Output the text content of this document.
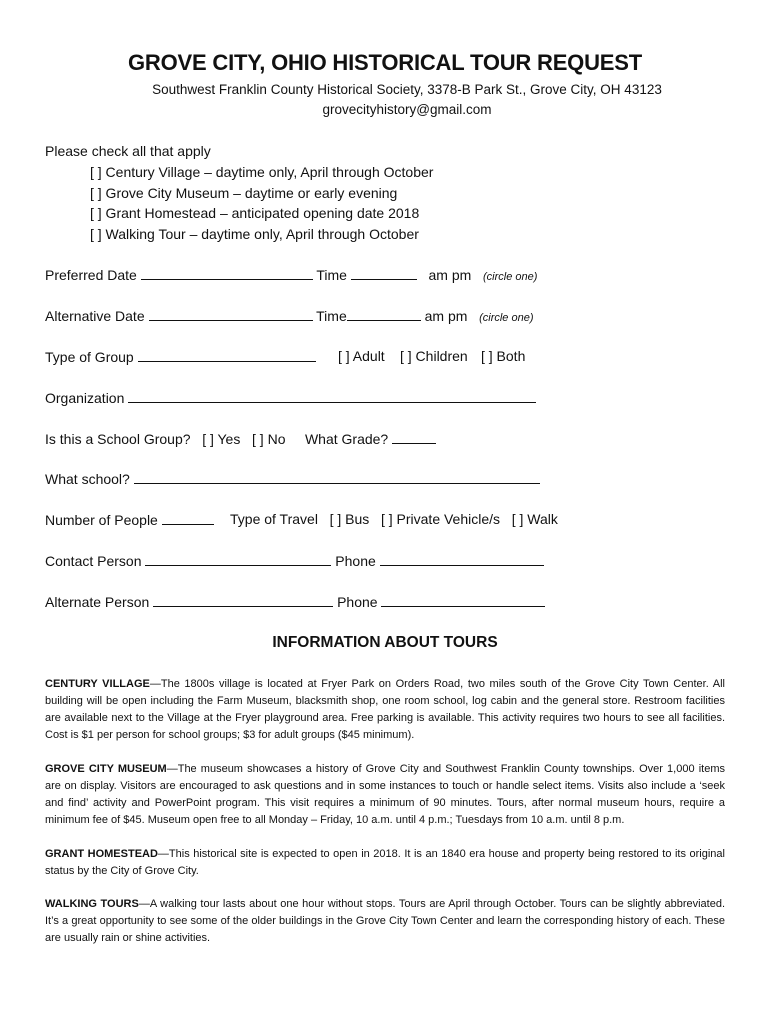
GROVE CITY, OHIO HISTORICAL TOUR REQUEST
Southwest Franklin County Historical Society, 3378-B Park St., Grove City, OH 43123
grovecityhistory@gmail.com
Please check all that apply
[ ] Century Village – daytime only, April through October
[ ] Grove City Museum – daytime or early evening
[ ] Grant Homestead – anticipated opening date 2018
[ ] Walking Tour – daytime only, April through October
Preferred Date	Time	am pm (circle one)
Alternative Date	Time	am pm (circle one)
Type of Group	[ ] Adult [ ] Children [ ] Both
Organization
Is this a School Group? [ ] Yes [ ] No What Grade?
What school?
Number of People	Type of Travel [ ] Bus [ ] Private Vehicle/s [ ] Walk
Contact Person	Phone
Alternate Person	Phone
INFORMATION ABOUT TOURS
CENTURY VILLAGE—The 1800s village is located at Fryer Park on Orders Road, two miles south of the Grove City Town Center. All building will be open including the Farm Museum, blacksmith shop, one room school, log cabin and the general store. Restroom facilities are available next to the Village at the Fryer playground area. Free parking is available. This activity requires two hours to see all facilities. Cost is $1 per person for school groups; $3 for adult groups ($45 minimum).
GROVE CITY MUSEUM—The museum showcases a history of Grove City and Southwest Franklin County townships. Over 1,000 items are on display. Visitors are encouraged to ask questions and in some instances to touch or handle select items. Visits also include a ‘seek and find’ activity and PowerPoint program. This visit requires a minimum of 90 minutes. Tours, after normal museum hours, require a minimum fee of $45. Museum open free to all Monday – Friday, 10 a.m. until 4 p.m.; Tuesdays from 10 a.m. until 8 p.m.
GRANT HOMESTEAD—This historical site is expected to open in 2018. It is an 1840 era house and property being restored to its original status by the City of Grove City.
WALKING TOURS—A walking tour lasts about one hour without stops. Tours are April through October. Tours can be slightly abbreviated. It’s a great opportunity to see some of the older buildings in the Grove City Town Center and learn the corresponding history of each. These are usually rain or shine activities.
